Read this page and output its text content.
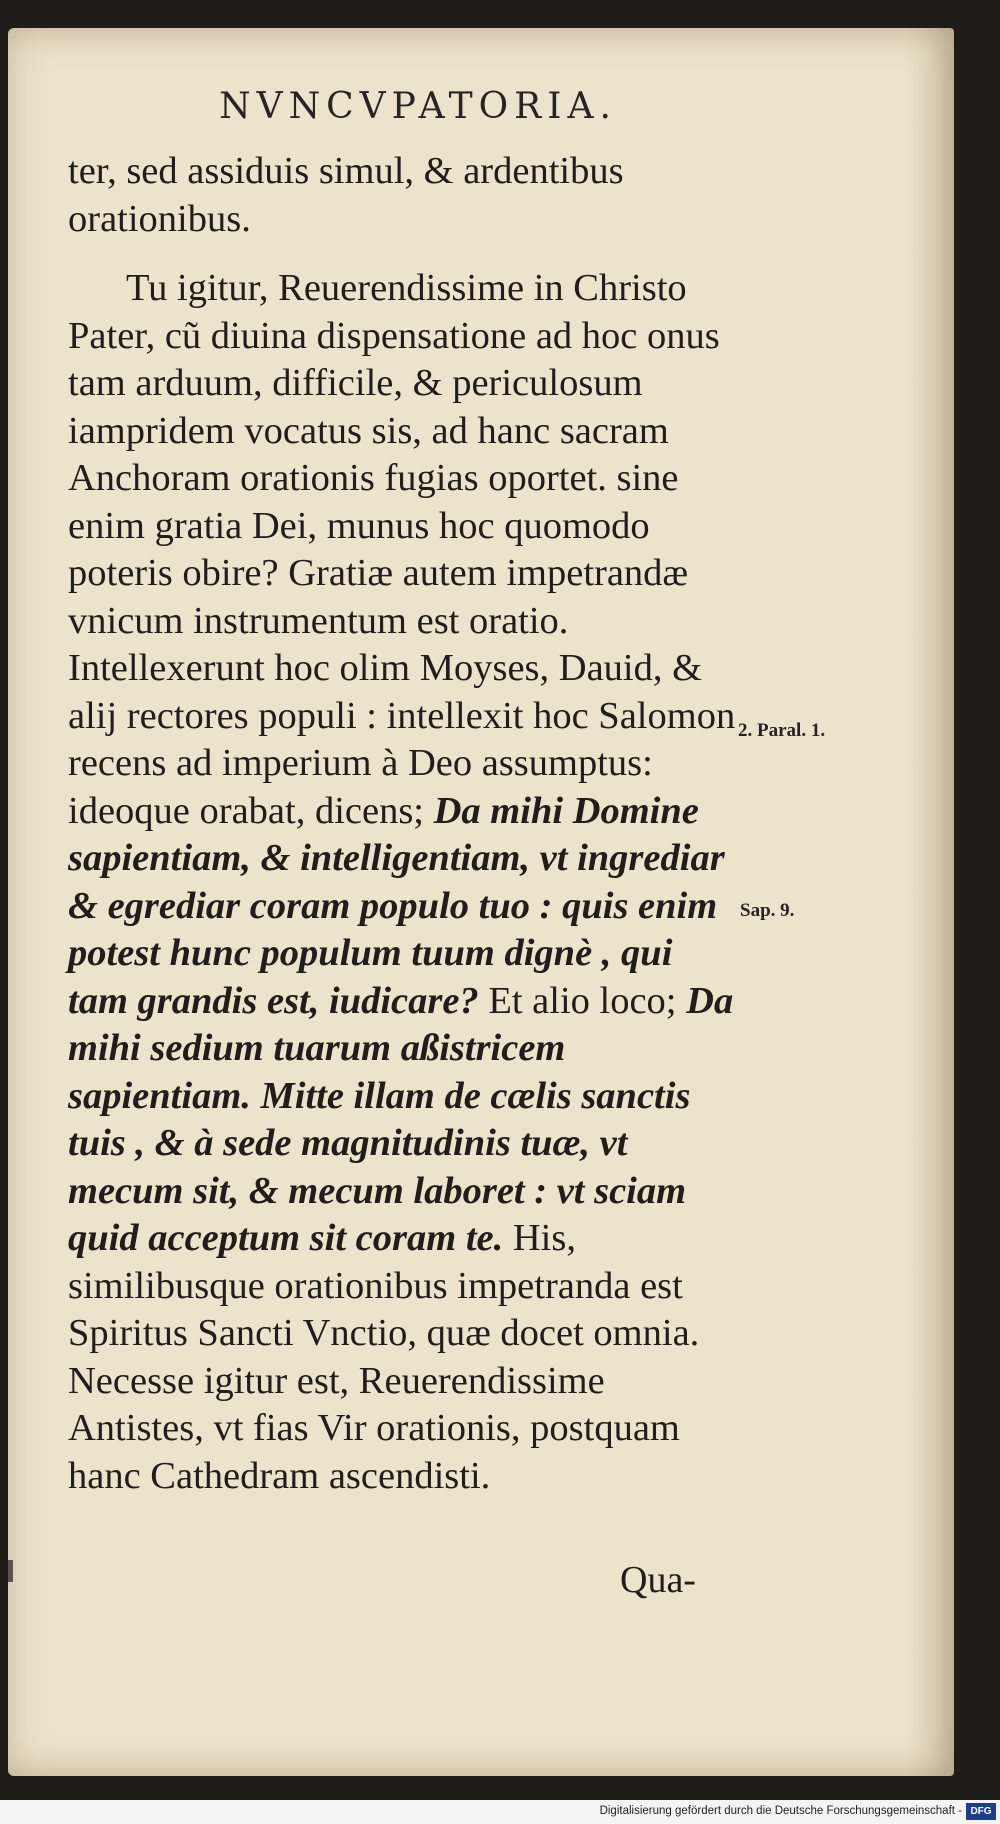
NVNCVPATORIA.

ter, sed assiduis simul, & ardentibus orationibus.

Tu igitur, Reuerendissime in Christo Pater, cũ diuina dispensatione ad hoc onus tam arduum, difficile, & periculosum iampridem vocatus sis, ad hanc sacram Anchoram orationis fugias oportet. sine enim gratia Dei, munus hoc quomodo poteris obire? Gratiæ autem impetrandæ vnicum instrumentum est oratio. Intellexerunt hoc olim Moyses, Dauid, & alij rectores populi : intellexit hoc Salomon recens ad imperium à Deo assumptus: ideoque orabat, dicens; Da mihi Domine sapientiam, & intelligentiam, vt ingrediar & egrediar coram populo tuo : quis enim potest hunc populum tuum dignè , qui tam grandis est, iudicare? Et alio loco; Da mihi sedium tuarum aßistricem sapientiam. Mitte illam de cælis sanctis tuis , & à sede magnitudinis tuæ, vt mecum sit, & mecum laboret : vt sciam quid acceptum sit coram te. His, similibusque orationibus impetranda est Spiritus Sancti Vnctio, quæ docet omnia. Necesse igitur est, Reuerendissime Antistes, vt fias Vir orationis, postquam hanc Cathedram ascendisti.

2. Paral. 1.
Sap. 9.
Qua-
Digitalisierung gefördert durch die Deutsche Forschungsgemeinschaft - DFG
